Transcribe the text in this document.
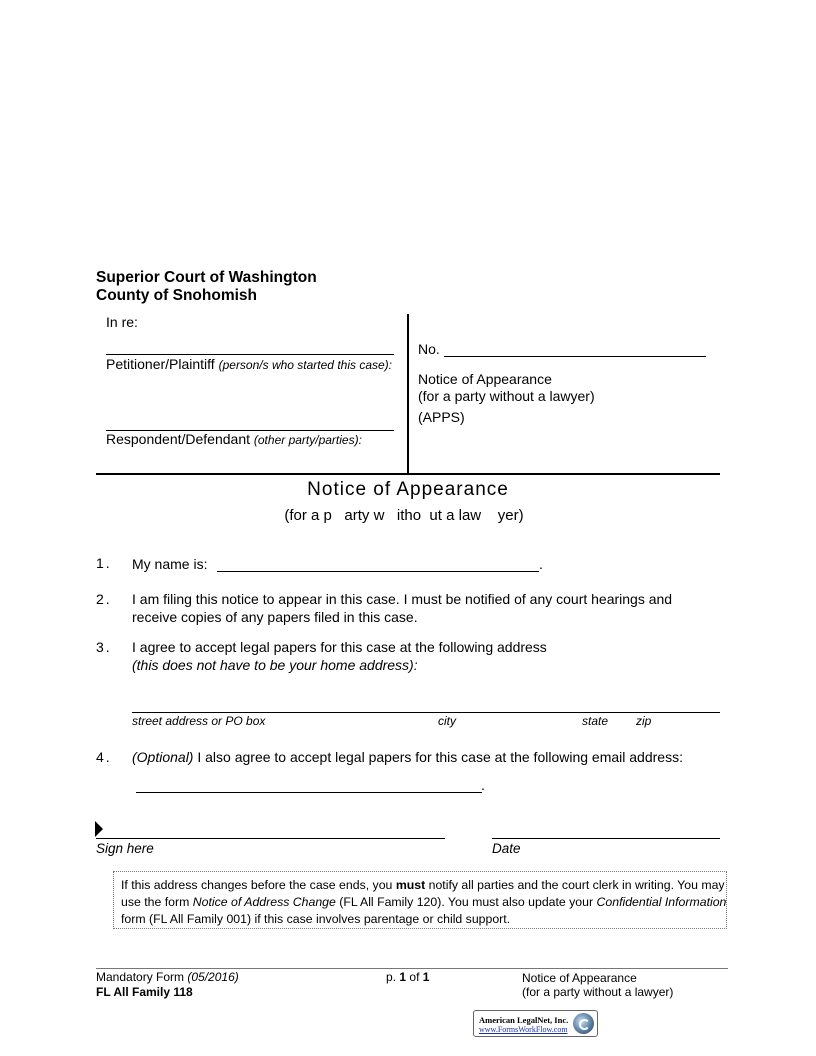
Superior Court of Washington
County of Snohomish
In re:
Petitioner/Plaintiff (person/s who started this case):
Respondent/Defendant (other party/parties):
No.
Notice of Appearance
(for a party without a lawyer)
(APPS)
Notice of Appearance
(for a p   arty w   itho  ut a law    yer)
1. My name is:	.
2. I am filing this notice to appear in this case. I must be notified of any court hearings and
receive copies of any papers filed in this case.
3. I agree to accept legal papers for this case at the following address
(this does not have to be your home address):
street address or PO box	city	state zip
4. (Optional) I also agree to accept legal papers for this case at the following email address:
.
Sign here	Date
If this address changes before the case ends, you must notify all parties and the court clerk in writing. You may
use the form Notice of Address Change (FL All Family 120). You must also update your Confidential Information
form (FL All Family 001) if this case involves parentage or child support.
Mandatory Form (05/2016)
FL All Family 118
p. 1 of 1	Notice of Appearance
(for a party without a lawyer)
American LegalNet, Inc.
www.FormsWorkFlow.com
